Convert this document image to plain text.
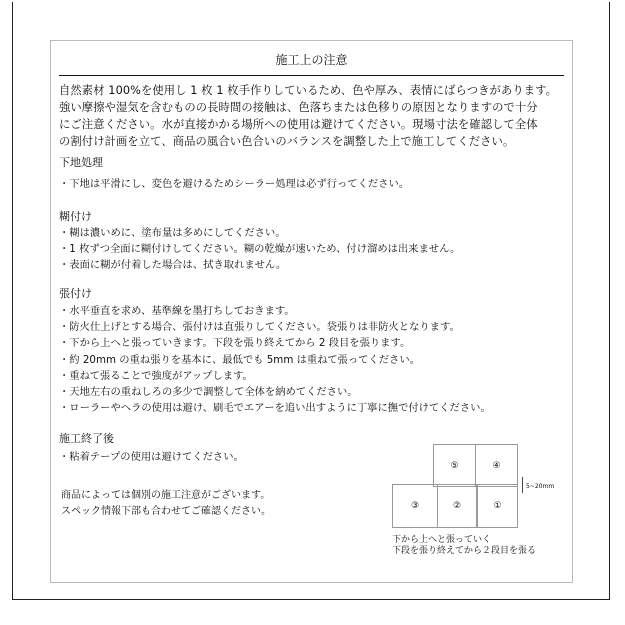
施工上の注意
自然素材 100%を使用し 1 枚 1 枚手作りしているため、色や厚み、表情にばらつきがあります。
強い摩擦や湿気を含むものの長時間の接触は、色落ちまたは色移りの原因となりますので十分
にご注意ください。水が直接かかる場所への使用は避けてください。現場寸法を確認して全体
の割付け計画を立て、商品の風合い色合いのバランスを調整した上で施工してください。
下地処理
・下地は平滑にし、変色を避けるためシーラー処理は必ず行ってください。
糊付け
・糊は濃いめに、塗布量は多めにしてください。
・1 枚ずつ全面に糊付けしてください。糊の乾燥が速いため、付け溜めは出来ません。
・表面に糊が付着した場合は、拭き取れません。
張付け
・水平垂直を求め、基準線を墨打ちしておきます。
・防火仕上げとする場合、張付けは直張りしてください。袋張りは非防火となります。
・下から上へと張っていきます。下段を張り終えてから 2 段目を張ります。
・約 20mm の重ね張りを基本に、最低でも 5mm は重ねて張ってください。
・重ねて張ることで強度がアップします。
・天地左右の重ねしろの多少で調整して全体を納めてください。
・ローラーやヘラの使用は避け、刷毛でエアーを追い出すように丁寧に撫で付けてください。
施工終了後
・粘着テープの使用は避けてください。
商品によっては個別の施工注意がございます。
スペック情報下部も合わせてご確認ください。
⑤	④
③	②	①
5~20mm
下から上へと張っていく
下段を張り終えてから２段目を張る
